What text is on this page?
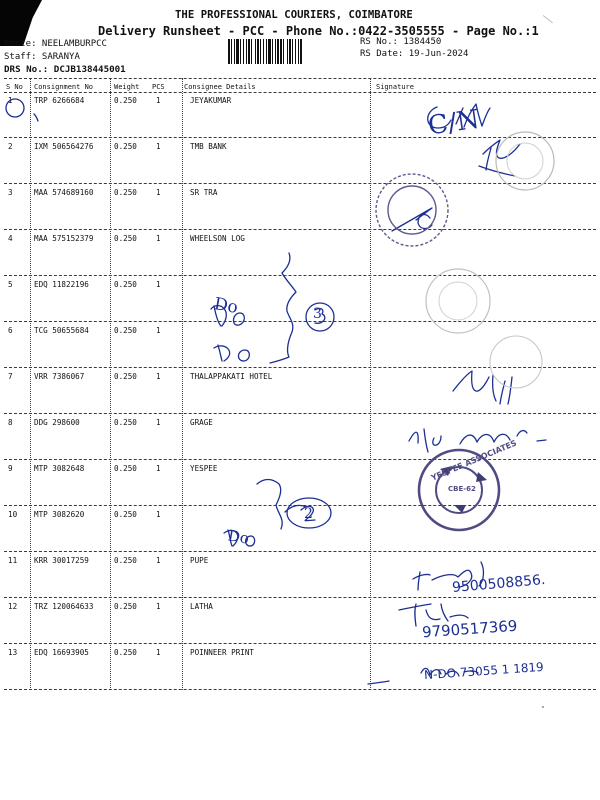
THE PROFESSIONAL COURIERS, COIMBATORE
Delivery Runsheet - PCC - Phone No.:0422-3505555 - Page No.:1
Route: NEELAMBURPCC
Staff: SARANYA
DRS No.: DCJB138445001
RS No.: 1384450
RS Date: 19-Jun-2024
S No Consignment No	Weight PCS	Consignee Details	Signature
1	TRP 6266684	0.250	1	JEYAKUMAR
2	IXM 506564276	0.250	1	TMB BANK
3	MAA 574689160	0.250	1	SR TRA
4	MAA 575152379	0.250	1	WHEELSON LOG
5	EDQ 11822196	0.250	1
6	TCG 50655684	0.250	1
7	VRR 7386067	0.250	1	THALAPPAKATI HOTEL
8	DDG 298600	0.250	1	GRAGE
9	MTP 3082648	0.250	1	YESPEE
10 MTP 3082620	0.250	1
11 KRR 30017259	0.250	1	PUPE
12 TRZ 120064633	0.250	1	LATHA
13 EDQ 16693905	0.250	1	POINNEER PRINT
C/N
Do	3
Do
2
9500508856.
9790517369
N-DO 73055 1 1819
YESPEE ASSOCIATES
CBE-62
